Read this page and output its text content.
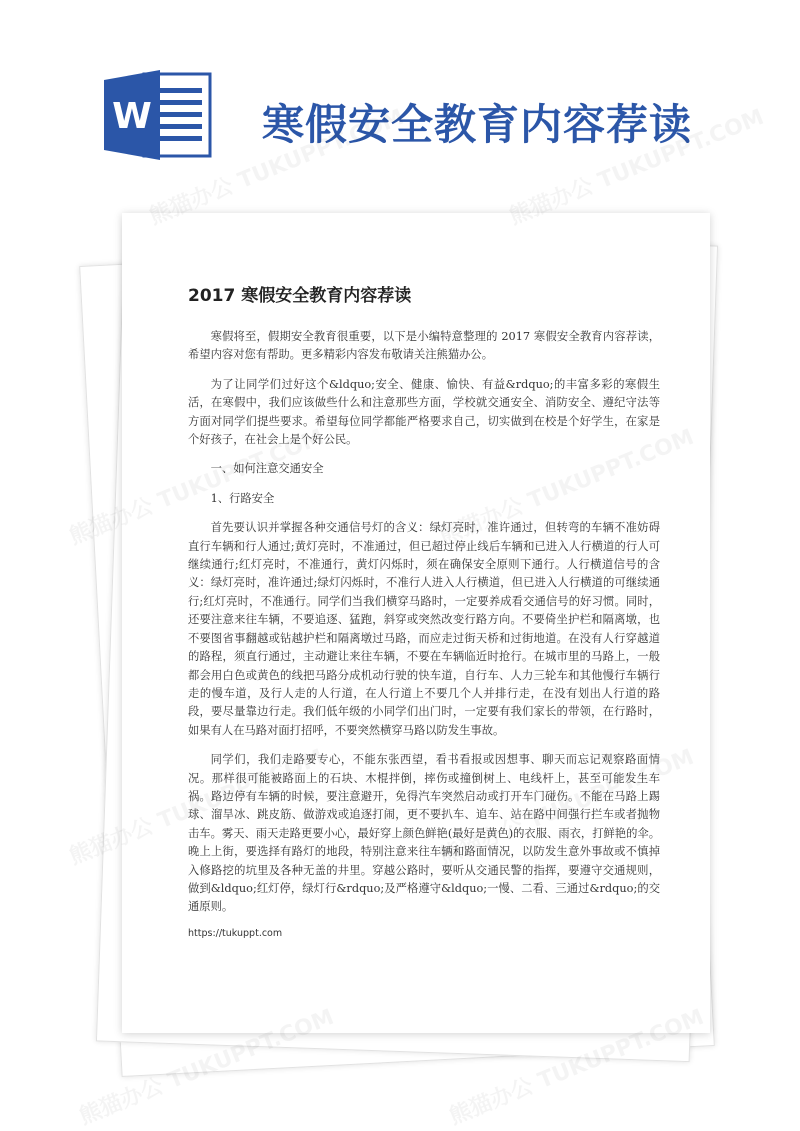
W	寒假安全教育内容荐读
2017 寒假安全教育内容荐读

寒假将至，假期安全教育很重要，以下是小编特意整理的 2017 寒假安全教育内容荐读，希望内容对您有帮助。更多精彩内容发布敬请关注熊猫办公。

为了让同学们过好这个&ldquo;安全、健康、愉快、有益&rdquo;的丰富多彩的寒假生活，在寒假中，我们应该做些什么和注意那些方面，学校就交通安全、消防安全、遵纪守法等方面对同学们提些要求。希望每位同学都能严格要求自己，切实做到在校是个好学生，在家是个好孩子，在社会上是个好公民。

一、如何注意交通安全

1、行路安全

首先要认识并掌握各种交通信号灯的含义：绿灯亮时，准许通过，但转弯的车辆不准妨碍直行车辆和行人通过;黄灯亮时，不准通过，但已超过停止线后车辆和已进入人行横道的行人可继续通行;红灯亮时，不准通行，黄灯闪烁时，须在确保安全原则下通行。人行横道信号的含义：绿灯亮时，准许通过;绿灯闪烁时，不准行人进入人行横道，但已进入人行横道的可继续通行;红灯亮时，不准通行。同学们当我们横穿马路时，一定要养成看交通信号的好习惯。同时，还要注意来往车辆，不要追逐、猛跑，斜穿或突然改变行路方向。不要倚坐护栏和隔离墩，也不要图省事翻越或钻越护栏和隔离墩过马路，而应走过街天桥和过街地道。在没有人行穿越道的路程，须直行通过，主动避让来往车辆，不要在车辆临近时抢行。在城市里的马路上，一般都会用白色或黄色的线把马路分成机动行驶的快车道，自行车、人力三轮车和其他慢行车辆行走的慢车道，及行人走的人行道，在人行道上不要几个人并排行走，在没有划出人行道的路段，要尽量靠边行走。我们低年级的小同学们出门时，一定要有我们家长的带领，在行路时，如果有人在马路对面打招呼，不要突然横穿马路以防发生事故。

同学们，我们走路要专心，不能东张西望，看书看报或因想事、聊天而忘记观察路面情况。那样很可能被路面上的石块、木棍拌倒，摔伤或撞倒树上、电线杆上，甚至可能发生车祸。路边停有车辆的时候，要注意避开，免得汽车突然启动或打开车门碰伤。不能在马路上踢球、溜旱冰、跳皮筋、做游戏或追逐打闹，更不要扒车、追车、站在路中间强行拦车或者抛物击车。雾天、雨天走路更要小心，最好穿上颜色鲜艳(最好是黄色)的衣服、雨衣，打鲜艳的伞。晚上上街，要选择有路灯的地段，特别注意来往车辆和路面情况，以防发生意外事故或不慎掉入修路挖的坑里及各种无盖的井里。穿越公路时，要听从交通民警的指挥，要遵守交通规则，做到&ldquo;红灯停，绿灯行&rdquo;及严格遵守&ldquo;一慢、二看、三通过&rdquo;的交通原则。

https://tukuppt.com
